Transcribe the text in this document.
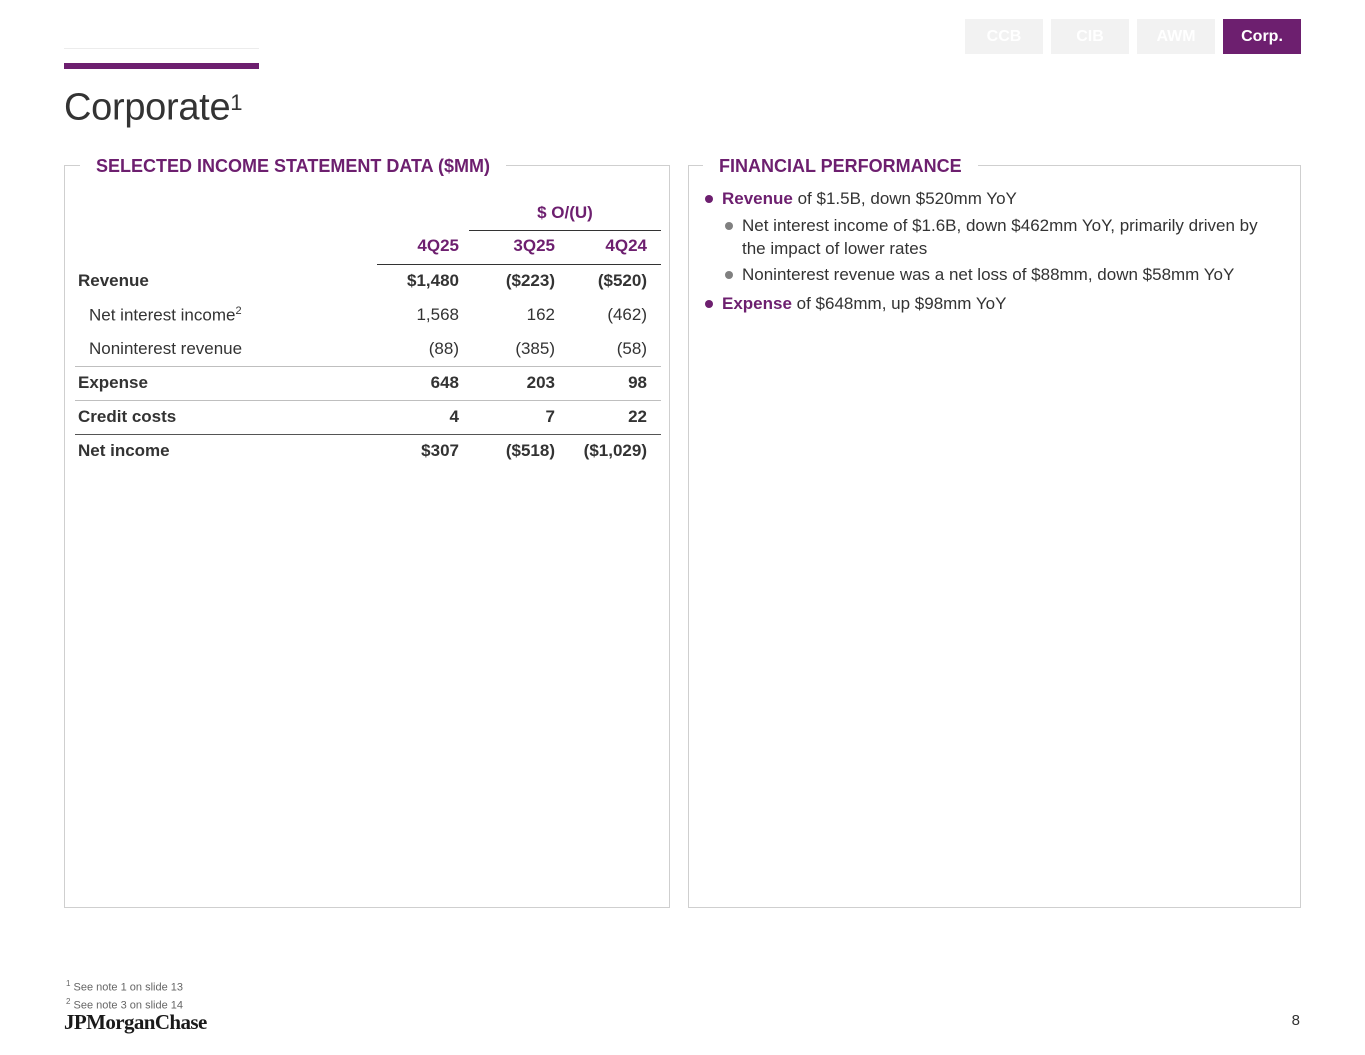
CCB	CIB	AWM	Corp.
Corporate$^1$
SELECTED INCOME STATEMENT DATA ($MM)
		$ O/(U)	
	4Q25	3Q25	4Q24
Revenue	$1,480	($223)	($520)
Net interest income$^2$	1,568	162	(462)
Noninterest revenue	(88)	(385)	(58)
Expense	648	203	98
Credit costs	4	7	22
Net income	$307	($518)	($1,029)
FINANCIAL PERFORMANCE
Revenue of $1.5B, down $520mm YoY
Net interest income of $1.6B, down $462mm YoY, primarily driven by the impact of lower rates
Noninterest revenue was a net loss of $88mm, down $58mm YoY
Expense of $648mm, up $98mm YoY
$^1$ See note 1 on slide 13
$^2$ See note 3 on slide 14
JPMorganChase	8
